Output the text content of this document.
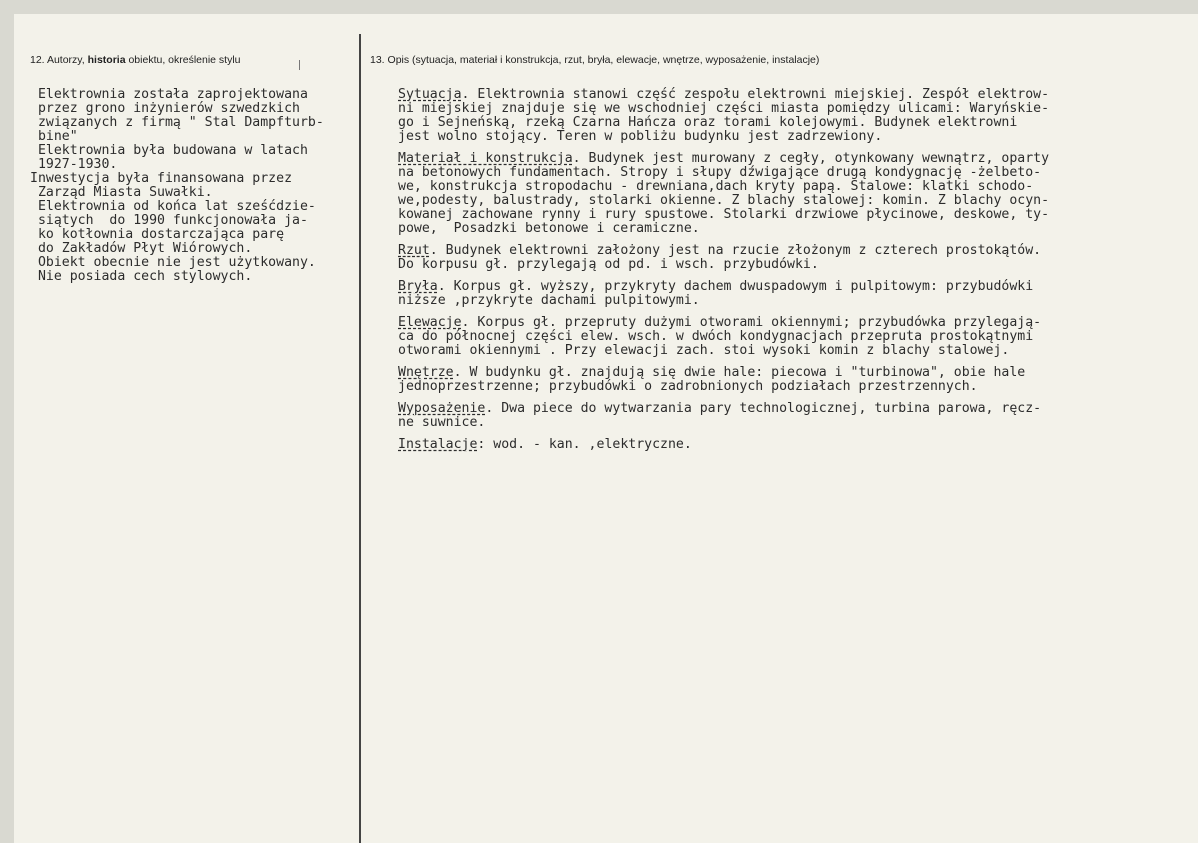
12. Autorzy, historia obiektu, określenie stylu	13. Opis (sytuacja, materiał i konstrukcja, rzut, bryła, elewacje, wnętrze, wyposażenie, instalacje)
Elektrownia została zaprojektowana
przez grono inżynierów szwedzkich
związanych z firmą " Stal Dampfturb-
bine"
Elektrownia była budowana w latach
1927-1930.
Inwestycja była finansowana przez
Zarząd Miasta Suwałki.
Elektrownia od końca lat sześćdzie-
siątych  do 1990 funkcjonowała ja-
ko kotłownia dostarczająca parę
do Zakładów Płyt Wiórowych.
Obiekt obecnie nie jest użytkowany.
Nie posiada cech stylowych.
Sytuacja. Elektrownia stanowi część zespołu elektrowni miejskiej. Zespół elektrow-
ni miejskiej znajduje się we wschodniej części miasta pomiędzy ulicami: Waryńskie-
go i Sejneńską, rzeką Czarna Hańcza oraz torami kolejowymi. Budynek elektrowni
jest wolno stojący. Teren w pobliżu budynku jest zadrzewiony.
Materiał i konstrukcja. Budynek jest murowany z cegły, otynkowany wewnątrz, oparty
na betonowych fundamentach. Stropy i słupy dźwigające drugą kondygnację -żelbeto-
we, konstrukcja stropodachu - drewniana,dach kryty papą. Stalowe: klatki schodo-
we,podesty, balustrady, stolarki okienne. Z blachy stalowej: komin. Z blachy ocyn-
kowanej zachowane rynny i rury spustowe. Stolarki drzwiowe płycinowe, deskowe, ty-
powe,  Posadzki betonowe i ceramiczne.
Rzut. Budynek elektrowni założony jest na rzucie złożonym z czterech prostokątów.
Do korpusu gł. przylegają od pd. i wsch. przybudówki.
Bryła. Korpus gł. wyższy, przykryty dachem dwuspadowym i pulpitowym: przybudówki
niższe ,przykryte dachami pulpitowymi.
Elewacje. Korpus gł. przepruty dużymi otworami okiennymi; przybudówka przylegają-
ca do północnej części elew. wsch. w dwóch kondygnacjach przepruta prostokątnymi
otworami okiennymi . Przy elewacji zach. stoi wysoki komin z blachy stalowej.
Wnętrze. W budynku gł. znajdują się dwie hale: piecowa i "turbinowa", obie hale
jednoprzestrzenne; przybudówki o zadrobnionych podziałach przestrzennych.
Wyposażenie. Dwa piece do wytwarzania pary technologicznej, turbina parowa, ręcz-
ne suwnice.
Instalacje: wod. - kan. ,elektryczne.
